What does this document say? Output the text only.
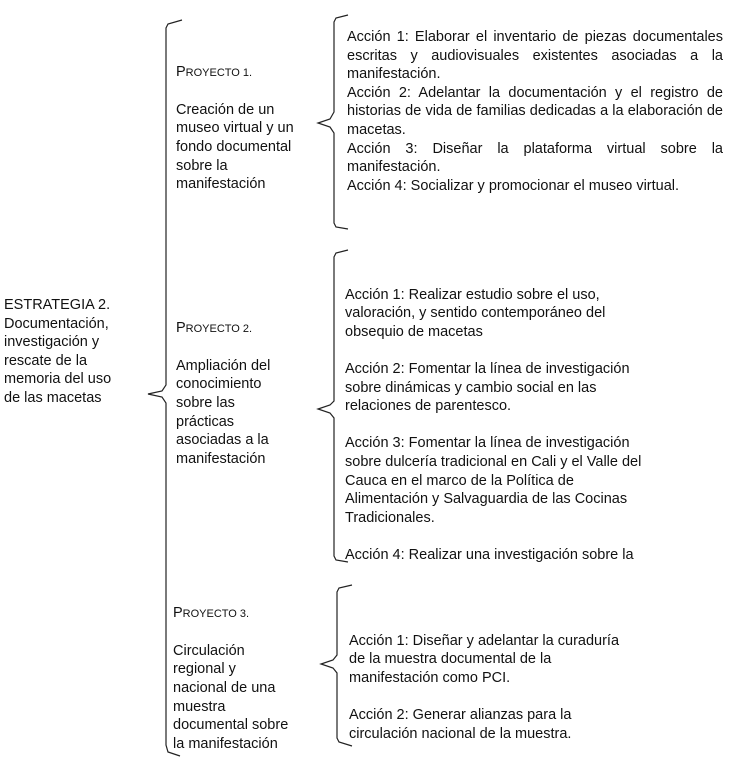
ESTRATEGIA 2.
Documentación,
investigación y
rescate de la
memoria del uso
de las macetas

PROYECTO 1.

Creación de un
museo virtual y un
fondo documental
sobre la
manifestación

Acción 1: Elaborar el inventario de piezas documentales escritas y audiovisuales existentes asociadas a la manifestación.
Acción 2: Adelantar la documentación y el registro de historias de vida de familias dedicadas a la elaboración de macetas.
Acción 3: Diseñar la plataforma virtual sobre la manifestación.
Acción 4: Socializar y promocionar el museo virtual.

PROYECTO 2.

Ampliación del
conocimiento
sobre las
prácticas
asociadas a la
manifestación

Acción 1: Realizar estudio sobre el uso,
valoración, y sentido contemporáneo del
obsequio de macetas

Acción 2: Fomentar la línea de investigación
sobre dinámicas y cambio social en las
relaciones de parentesco.

Acción 3: Fomentar la línea de investigación
sobre dulcería tradicional en Cali y el Valle del
Cauca en el marco de la Política de
Alimentación y Salvaguardia de las Cocinas
Tradicionales.

Acción 4: Realizar una investigación sobre la

PROYECTO 3.

Circulación
regional y
nacional de una
muestra
documental sobre
la manifestación

Acción 1: Diseñar y adelantar la curaduría
de la muestra documental de la
manifestación como PCI.

Acción 2: Generar alianzas para la
circulación nacional de la muestra.
